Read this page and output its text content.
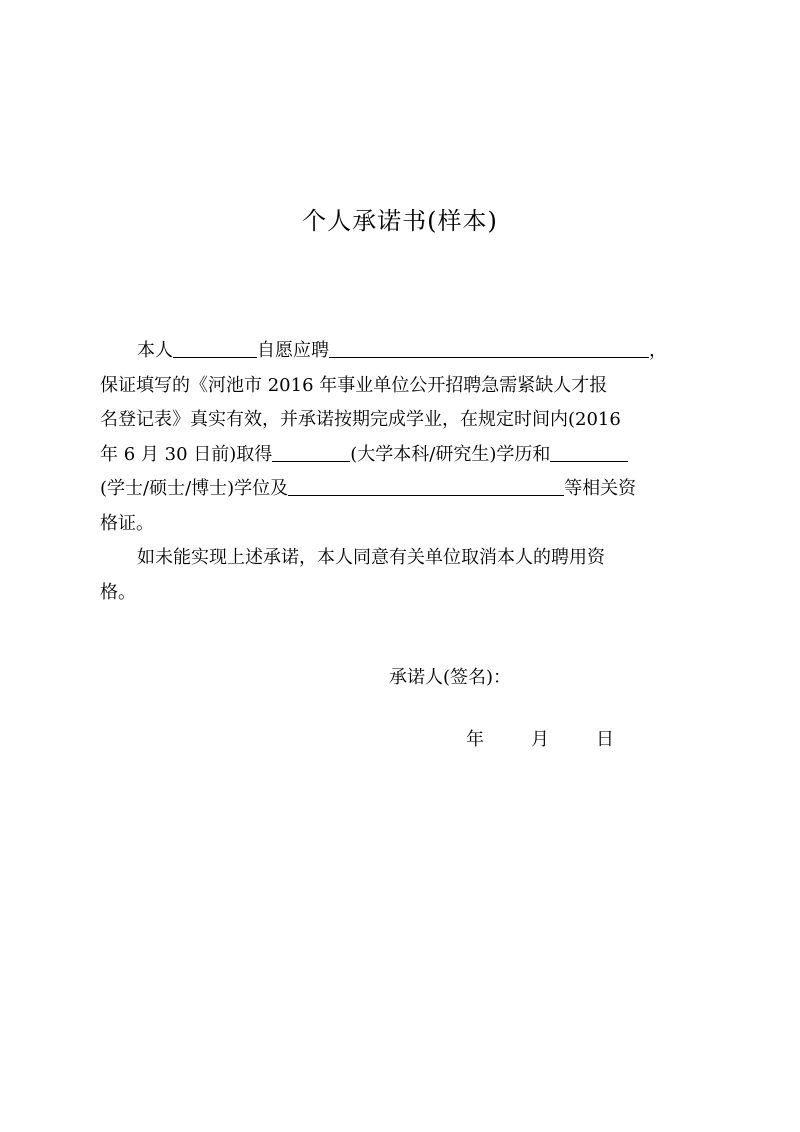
个人承诺书(样本)
本人	自愿应聘	，
保证填写的《河池市 2016 年事业单位公开招聘急需紧缺人才报
名登记表》真实有效，并承诺按期完成学业，在规定时间内(2016
年 6 月 30 日前)取得	(大学本科/研究生)学历和
(学士/硕士/博士)学位及	等相关资
格证。
如未能实现上述承诺，本人同意有关单位取消本人的聘用资
格。
承诺人(签名)：
年	月	日
